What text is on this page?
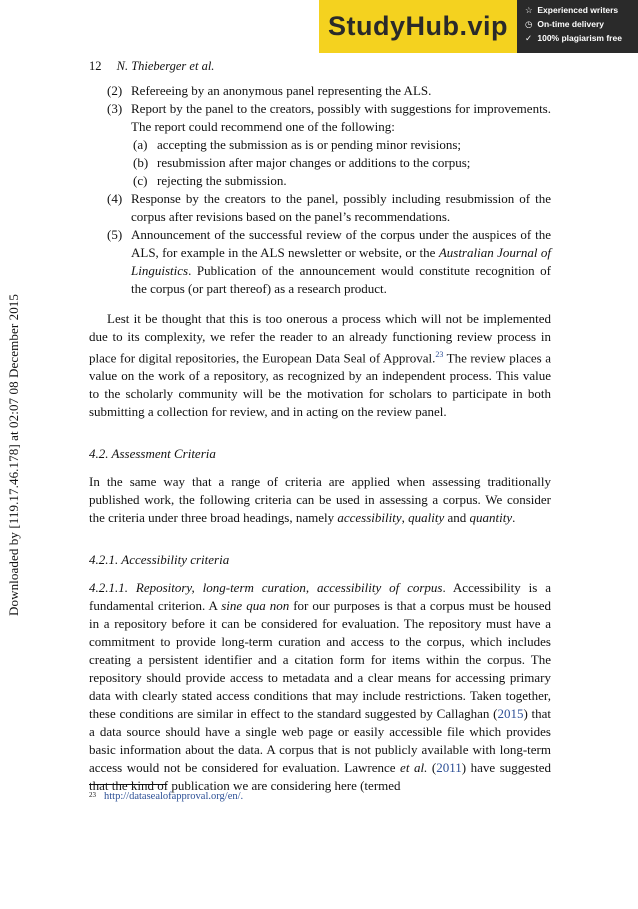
StudyHub.vip
☆ Experienced writers
◷ On-time delivery
✓ 100% plagiarism free
Downloaded by [119.17.46.178] at 02:07 08 December 2015
12 N. Thieberger et al.
(2) Refereeing by an anonymous panel representing the ALS.
(3) Report by the panel to the creators, possibly with suggestions for improvements. The report could recommend one of the following:
(a) accepting the submission as is or pending minor revisions;
(b) resubmission after major changes or additions to the corpus;
(c) rejecting the submission.
(4) Response by the creators to the panel, possibly including resubmission of the corpus after revisions based on the panel’s recommendations.
(5) Announcement of the successful review of the corpus under the auspices of the ALS, for example in the ALS newsletter or website, or the Australian Journal of Linguistics. Publication of the announcement would constitute recognition of the corpus (or part thereof) as a research product.

Lest it be thought that this is too onerous a process which will not be implemented due to its complexity, we refer the reader to an already functioning review process in place for digital repositories, the European Data Seal of Approval.$^{23}$ The review places a value on the work of a repository, as recognized by an independent process. This value to the scholarly community will be the motivation for scholars to participate in both submitting a collection for review, and in acting on the review panel.

4.2. Assessment Criteria
In the same way that a range of criteria are applied when assessing traditionally published work, the following criteria can be used in assessing a corpus. We consider the criteria under three broad headings, namely accessibility, quality and quantity.
4.2.1. Accessibility criteria
4.2.1.1. Repository, long-term curation, accessibility of corpus. Accessibility is a fundamental criterion. A sine qua non for our purposes is that a corpus must be housed in a repository before it can be considered for evaluation. The repository must have a commitment to provide long-term curation and access to the corpus, which includes creating a persistent identifier and a citation form for items within the corpus. The repository should provide access to metadata and a clear means for accessing primary data with clearly stated access conditions that may include restrictions. Taken together, these conditions are similar in effect to the standard suggested by Callaghan (2015) that a data source should have a single web page or easily accessible file which provides basic information about the data. A corpus that is not publicly available with long-term access would not be considered for evaluation. Lawrence et al. (2011) have suggested that the kind of publication we are considering here (termed
$^{23}$ http://datasealofapproval.org/en/.
